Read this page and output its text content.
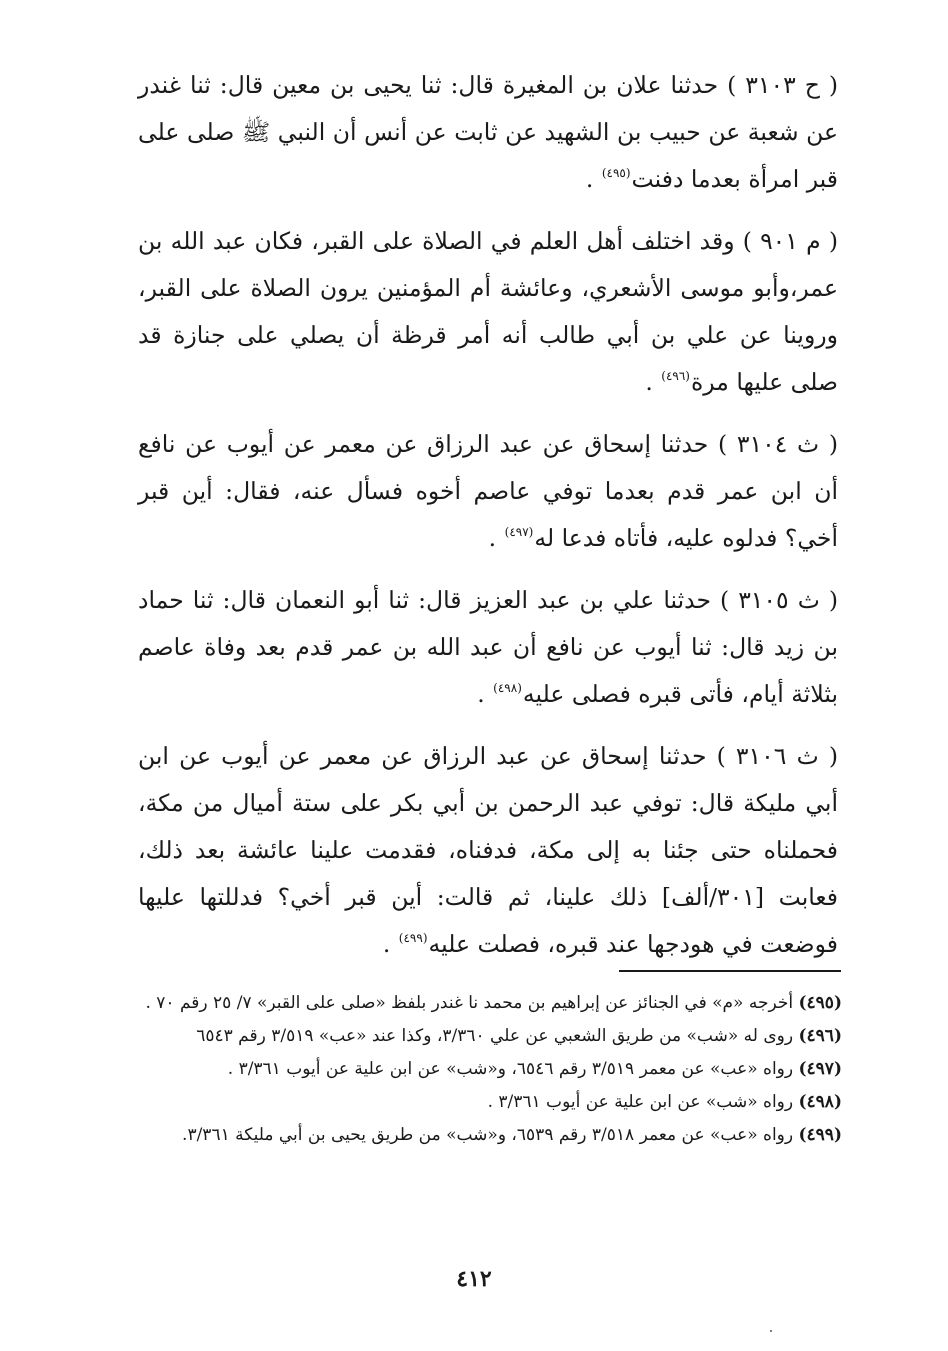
( ح ٣١٠٣ ) حدثنا علان بن المغيرة قال: ثنا يحيى بن معين قال: ثنا غندر عن شعبة عن حبيب بن الشهيد عن ثابت عن أنس أن النبي ﷺ صلى على قبر امرأة بعدما دفنت$^{(٤٩٥)}$ .

( م ٩٠١ ) وقد اختلف أهل العلم في الصلاة على القبر، فكان عبد الله بن عمر،وأبو موسى الأشعري، وعائشة أم المؤمنين يرون الصلاة على القبر، وروينا عن علي بن أبي طالب أنه أمر قرظة أن يصلي على جنازة قد صلى عليها مرة$^{(٤٩٦)}$ .

( ث ٣١٠٤ ) حدثنا إسحاق عن عبد الرزاق عن معمر عن أيوب عن نافع أن ابن عمر قدم بعدما توفي عاصم أخوه فسأل عنه، فقال: أين قبر أخي؟ فدلوه عليه، فأتاه فدعا له$^{(٤٩٧)}$ .

( ث ٣١٠٥ ) حدثنا علي بن عبد العزيز قال: ثنا أبو النعمان قال: ثنا حماد بن زيد قال: ثنا أيوب عن نافع أن عبد الله بن عمر قدم بعد وفاة عاصم بثلاثة أيام، فأتى قبره فصلى عليه$^{(٤٩٨)}$ .

( ث ٣١٠٦ ) حدثنا إسحاق عن عبد الرزاق عن معمر عن أيوب عن ابن أبي مليكة قال: توفي عبد الرحمن بن أبي بكر على ستة أميال من مكة، فحملناه حتى جئنا به إلى مكة، فدفناه، فقدمت علينا عائشة بعد ذلك، فعابت [٣٠١/ألف] ذلك علينا، ثم قالت: أين قبر أخي؟ فدللتها عليها فوضعت في هودجها عند قبره، فصلت عليه$^{(٤٩٩)}$ .

(٤٩٥) أخرجه «م» في الجنائز عن إبراهيم بن محمد نا غندر بلفظ «صلى على القبر» ٧/ ٢٥ رقم ٧٠ .

(٤٩٦) روى له «شب» من طريق الشعبي عن علي ٣/٣٦٠، وكذا عند «عب» ٣/٥١٩ رقم ٦٥٤٣

(٤٩٧) رواه «عب» عن معمر ٣/٥١٩ رقم ٦٥٤٦، و«شب» عن ابن علية عن أيوب ٣/٣٦١ .

(٤٩٨) رواه «شب» عن ابن علية عن أيوب ٣/٣٦١ .

(٤٩٩) رواه «عب» عن معمر ٣/٥١٨ رقم ٦٥٣٩، و«شب» من طريق يحيى بن أبي مليكة ٣/٣٦١.

٤١٢
